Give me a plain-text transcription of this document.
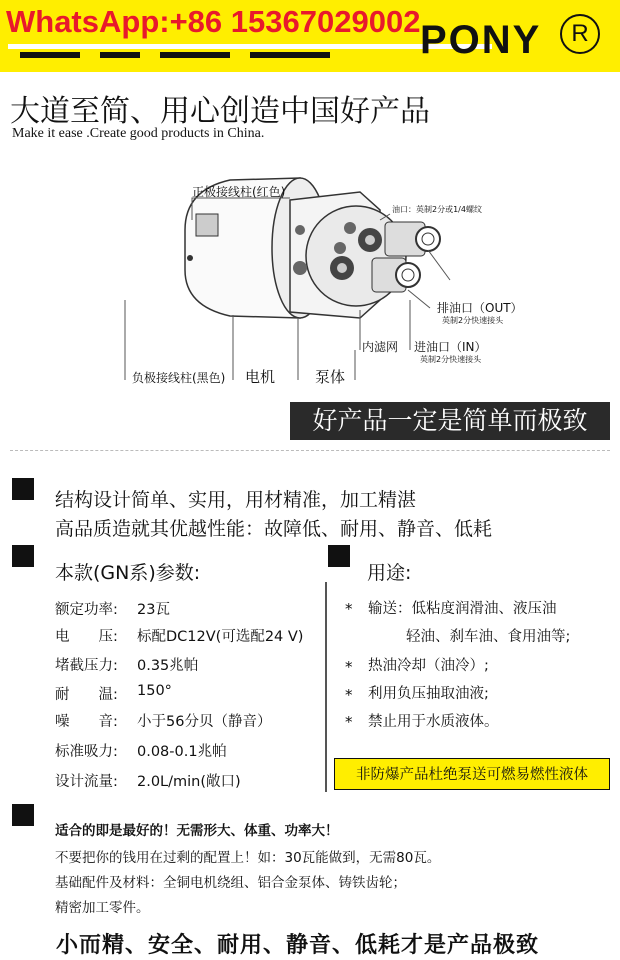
WhatsApp:+86 15367029002 PONY	R
大道至简、用心创造中国好产品
Make it ease .Create good products in China.
正极接线柱(红色)
油口：英制2分或1/4螺纹
排油口（OUT）
英制2分快速接头
内滤网 进油口（IN）
英制2分快速接头
负极接线柱(黑色) 电机	泵体
好产品一定是简单而极致
结构设计简单、实用，用材精准，加工精湛
高品质造就其优越性能：故障低、耐用、静音、低耗
本款(GN系)参数:
额定功率: 23瓦
电　　压: 标配DC12V(可选配24 V)
堵截压力: 0.35兆帕
耐　　温: 150°
噪　　音: 小于56分贝（静音）
标准吸力: 0.08-0.1兆帕
设计流量: 2.0L/min(敞口)
用途:
* 输送：低粘度润滑油、液压油
轻油、刹车油、食用油等;
* 热油冷却（油冷）;
* 利用负压抽取油液;
* 禁止用于水质液体。
非防爆产品杜绝泵送可燃易燃性液体
适合的即是最好的！无需形大、体重、功率大！
不要把你的钱用在过剩的配置上！如：30瓦能做到，无需80瓦。
基础配件及材料：全铜电机绕组、铝合金泵体、铸铁齿轮；
精密加工零件。
小而精、安全、耐用、静音、低耗才是产品极致
